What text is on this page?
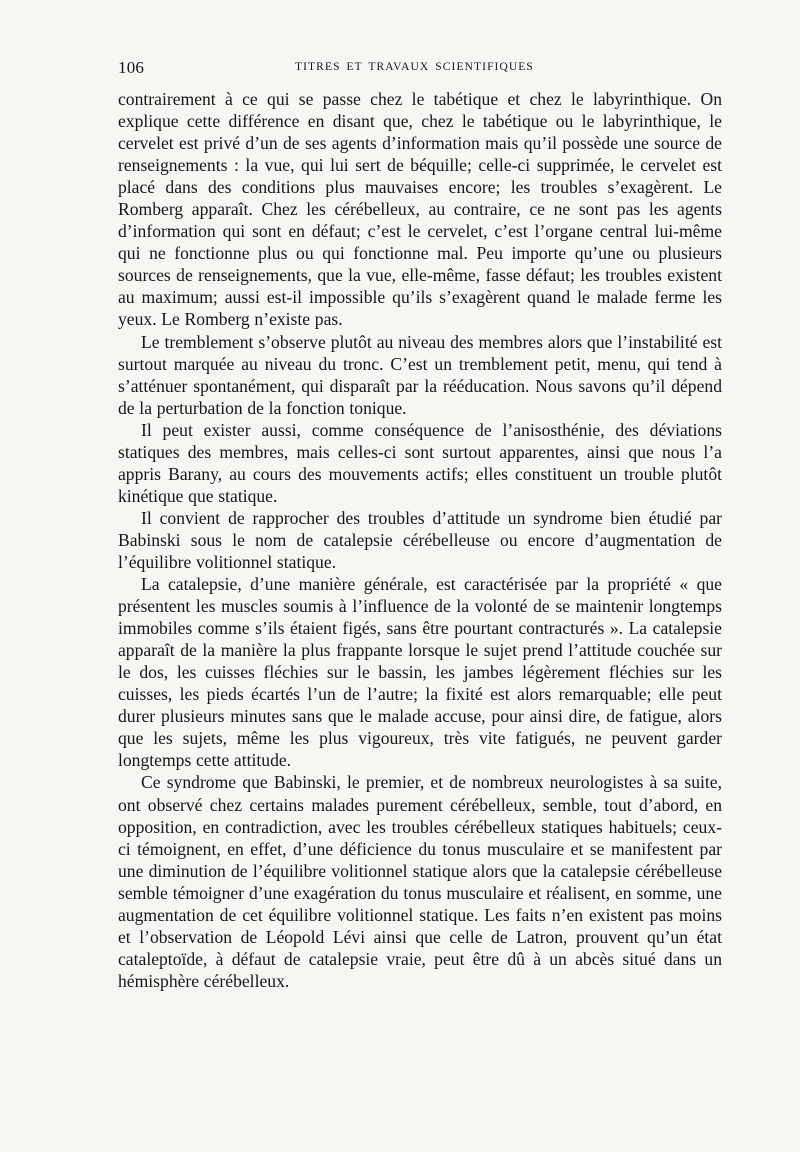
106	TITRES ET TRAVAUX SCIENTIFIQUES

contrairement à ce qui se passe chez le tabétique et chez le labyrinthique. On explique cette différence en disant que, chez le tabétique ou le labyrinthique, le cervelet est privé d’un de ses agents d’information mais qu’il possède une source de renseignements : la vue, qui lui sert de béquille; celle-ci supprimée, le cervelet est placé dans des conditions plus mauvaises encore; les troubles s’exagèrent. Le Romberg apparaît. Chez les cérébelleux, au contraire, ce ne sont pas les agents d’information qui sont en défaut; c’est le cervelet, c’est l’organe central lui-même qui ne fonctionne plus ou qui fonctionne mal. Peu importe qu’une ou plusieurs sources de renseignements, que la vue, elle-même, fasse défaut; les troubles existent au maximum; aussi est-il impossible qu’ils s’exagèrent quand le malade ferme les yeux. Le Romberg n’existe pas.

Le tremblement s’observe plutôt au niveau des membres alors que l’instabilité est surtout marquée au niveau du tronc. C’est un tremblement petit, menu, qui tend à s’atténuer spontanément, qui disparaît par la rééducation. Nous savons qu’il dépend de la perturbation de la fonction tonique.

Il peut exister aussi, comme conséquence de l’anisosthénie, des déviations statiques des membres, mais celles-ci sont surtout apparentes, ainsi que nous l’a appris Barany, au cours des mouvements actifs; elles constituent un trouble plutôt kinétique que statique.

Il convient de rapprocher des troubles d’attitude un syndrome bien étudié par Babinski sous le nom de catalepsie cérébelleuse ou encore d’augmentation de l’équilibre volitionnel statique.

La catalepsie, d’une manière générale, est caractérisée par la propriété « que présentent les muscles soumis à l’influence de la volonté de se maintenir longtemps immobiles comme s’ils étaient figés, sans être pourtant contracturés ». La catalepsie apparaît de la manière la plus frappante lorsque le sujet prend l’attitude couchée sur le dos, les cuisses fléchies sur le bassin, les jambes légèrement fléchies sur les cuisses, les pieds écartés l’un de l’autre; la fixité est alors remarquable; elle peut durer plusieurs minutes sans que le malade accuse, pour ainsi dire, de fatigue, alors que les sujets, même les plus vigoureux, très vite fatigués, ne peuvent garder longtemps cette attitude.

Ce syndrome que Babinski, le premier, et de nombreux neurologistes à sa suite, ont observé chez certains malades purement cérébelleux, semble, tout d’abord, en opposition, en contradiction, avec les troubles cérébelleux statiques habituels; ceux-ci témoignent, en effet, d’une déficience du tonus musculaire et se manifestent par une diminution de l’équilibre volitionnel statique alors que la catalepsie cérébelleuse semble témoigner d’une exagération du tonus musculaire et réalisent, en somme, une augmentation de cet équilibre volitionnel statique. Les faits n’en existent pas moins et l’observation de Léopold Lévi ainsi que celle de Latron, prouvent qu’un état cataleptoïde, à défaut de catalepsie vraie, peut être dû à un abcès situé dans un hémisphère cérébelleux.
